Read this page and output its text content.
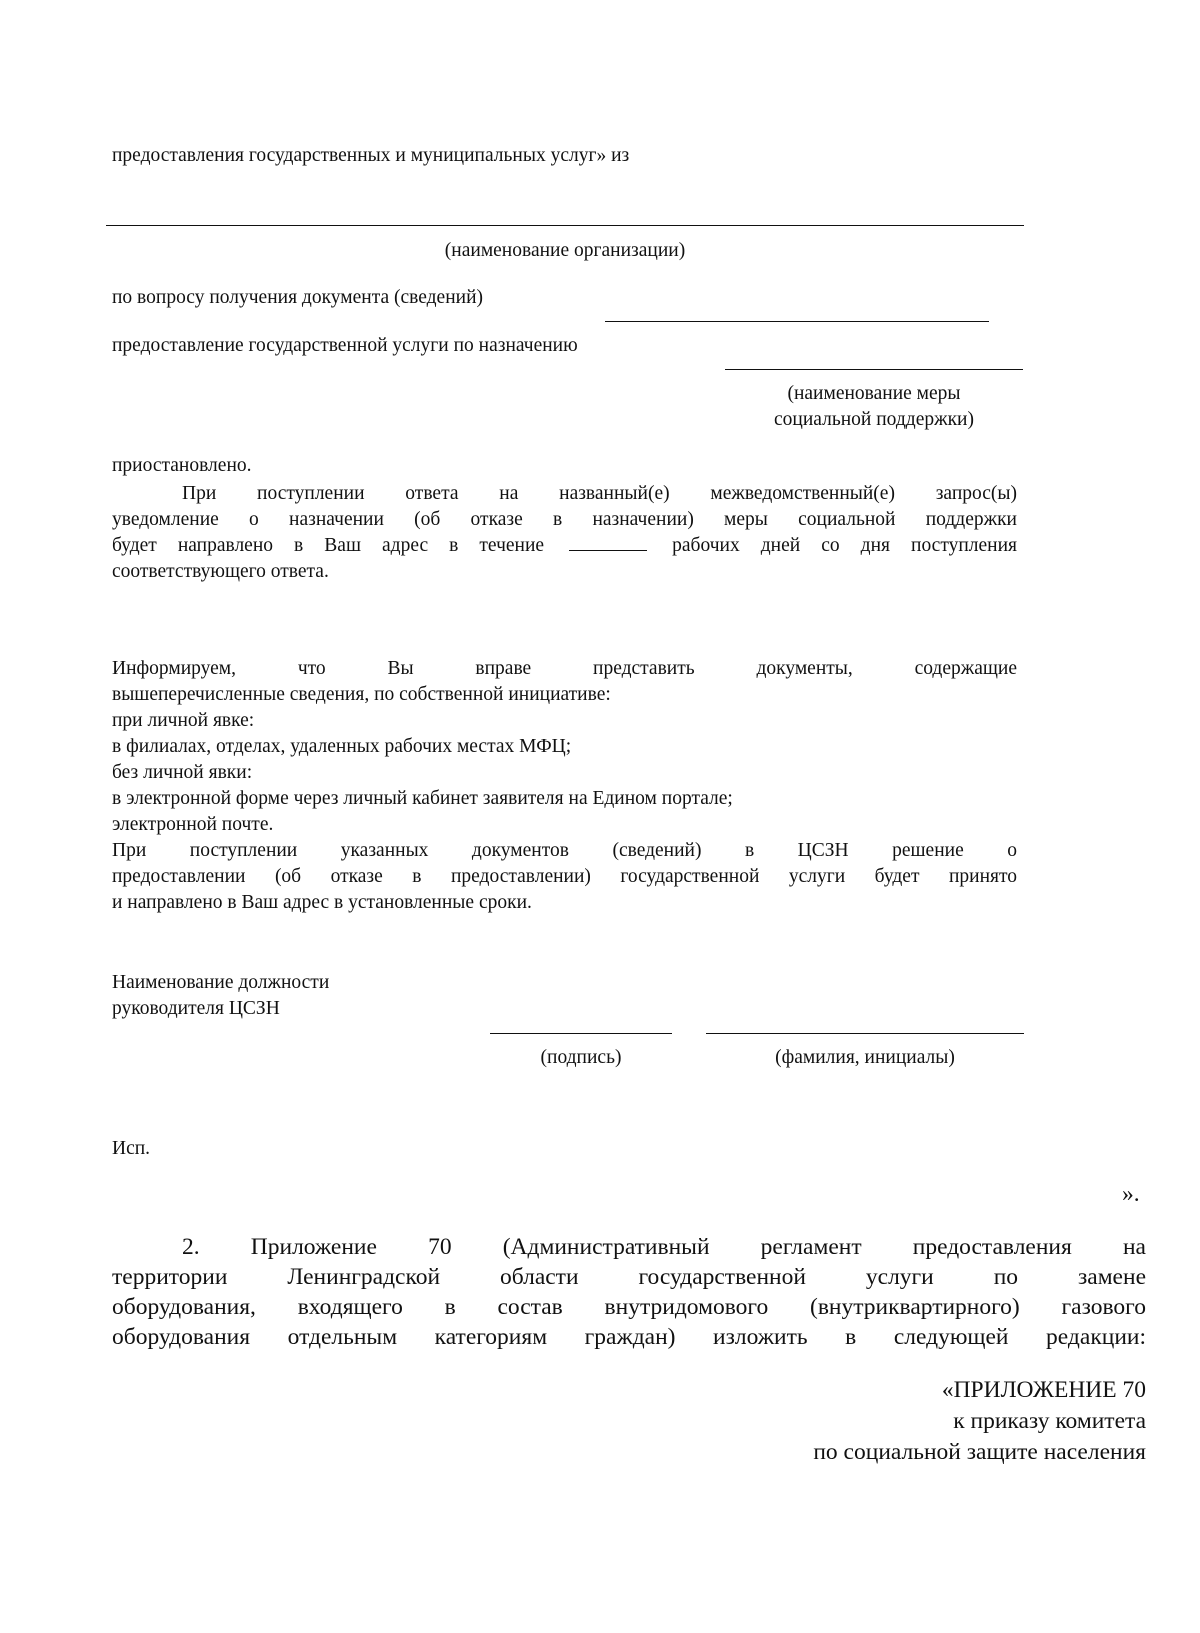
предоставления государственных и муниципальных услуг» из
(наименование организации)
по вопросу получения документа (сведений)
предоставление государственной услуги по назначению
(наименование меры
социальной поддержки)
приостановлено.
При поступлении ответа на названный(е) межведомственный(е) запрос(ы)
уведомление о назначении (об отказе в назначении) меры социальной поддержки
будет направлено в Ваш адрес в течение	рабочих дней со дня поступления
соответствующего ответа.
Информируем, что Вы вправе представить документы, содержащие
вышеперечисленные сведения, по собственной инициативе:
при личной явке:
в филиалах, отделах, удаленных рабочих местах МФЦ;
без личной явки:
в электронной форме через личный кабинет заявителя на Едином портале;
электронной почте.
При поступлении указанных документов (сведений) в ЦСЗН решение о
предоставлении (об отказе в предоставлении) государственной услуги будет принято
и направлено в Ваш адрес в установленные сроки.
Наименование должности
руководителя ЦСЗН
(подпись)	(фамилия, инициалы)
Исп.
».
2. Приложение 70 (Административный регламент предоставления на
территории Ленинградской области государственной услуги по замене
оборудования, входящего в состав внутридомового (внутриквартирного) газового
оборудования отдельным категориям граждан) изложить в следующей редакции:
«ПРИЛОЖЕНИЕ 70
к приказу комитета
по социальной защите населения
